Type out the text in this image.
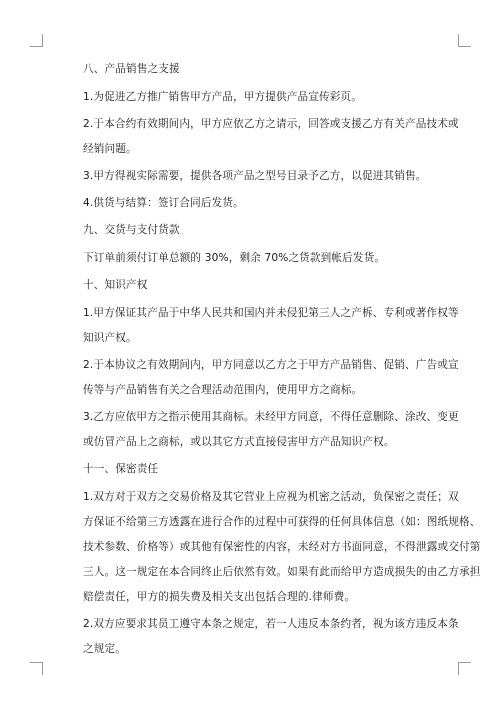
八、产品销售之支援
1.为促进乙方推广销售甲方产品，甲方提供产品宣传彩页。
2.于本合约有效期间内，甲方应依乙方之请示，回答或支援乙方有关产品技术或
经销问题。
3.甲方得视实际需要，提供各项产品之型号目录予乙方，以促进其销售。
4.供货与结算：签订合同后发货。
九、交货与支付货款
下订单前须付订单总额的 30%，剩余 70%之货款到帐后发货。
十、知识产权
1.甲方保证其产品于中华人民共和国内并未侵犯第三人之产柝、专利或著作权等
知识产权。
2.于本协议之有效期间内，甲方同意以乙方之于甲方产品销售、促销、广告或宣
传等与产品销售有关之合理活动范围内，使用甲方之商标。
3.乙方应依甲方之指示使用其商标。未经甲方同意，不得任意删除、涂改、变更
或仿冒产品上之商标，或以其它方式直接侵害甲方产品知识产权。
十一、保密责任
1.双方对于双方之交易价格及其它营业上应视为机密之活动，负保密之责任；双
方保证不给第三方透露在进行合作的过程中可获得的任何具体信息（如：图纸规格、
技术参数、价格等）或其他有保密性的内容，未经对方书面同意，不得泄露或交付第
三人。这一规定在本合同终止后依然有效。如果有此而给甲方造成损失的由乙方承担
赔偿责任，甲方的损失费及相关支出包括合理的.律师费。
2.双方应要求其员工遵守本条之规定，若一人违反本条约者，视为该方违反本条
之规定。
